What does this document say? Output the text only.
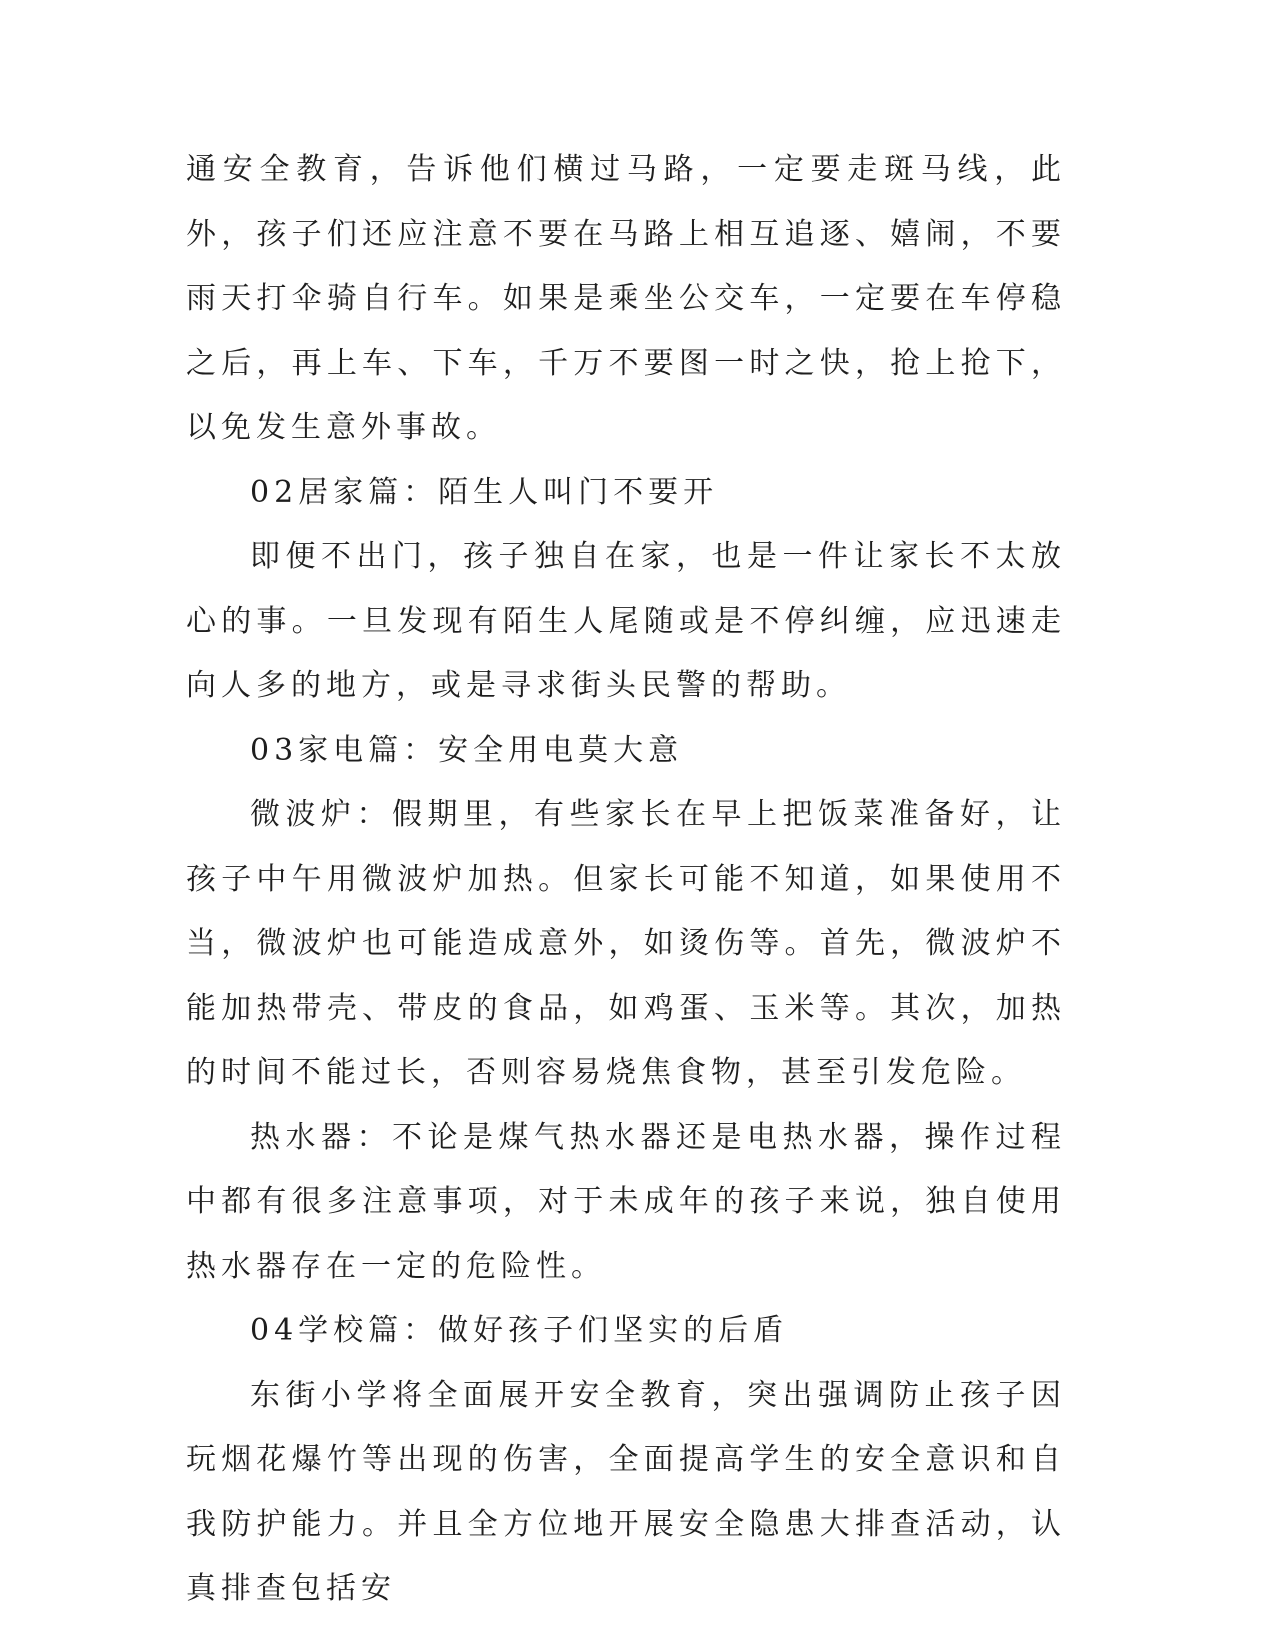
通安全教育，告诉他们横过马路，一定要走斑马线，此外，孩子们还应注意不要在马路上相互追逐、嬉闹，不要雨天打伞骑自行车。如果是乘坐公交车，一定要在车停稳之后，再上车、下车，千万不要图一时之快，抢上抢下，以免发生意外事故。

02居家篇：陌生人叫门不要开

即便不出门，孩子独自在家，也是一件让家长不太放心的事。一旦发现有陌生人尾随或是不停纠缠，应迅速走向人多的地方，或是寻求街头民警的帮助。

03家电篇：安全用电莫大意

微波炉：假期里，有些家长在早上把饭菜准备好，让孩子中午用微波炉加热。但家长可能不知道，如果使用不当，微波炉也可能造成意外，如烫伤等。首先，微波炉不能加热带壳、带皮的食品，如鸡蛋、玉米等。其次，加热的时间不能过长，否则容易烧焦食物，甚至引发危险。

热水器：不论是煤气热水器还是电热水器，操作过程中都有很多注意事项，对于未成年的孩子来说，独自使用热水器存在一定的危险性。

04学校篇：做好孩子们坚实的后盾

东街小学将全面展开安全教育，突出强调防止孩子因玩烟花爆竹等出现的伤害，全面提高学生的安全意识和自我防护能力。并且全方位地开展安全隐患大排查活动，认真排查包括安
